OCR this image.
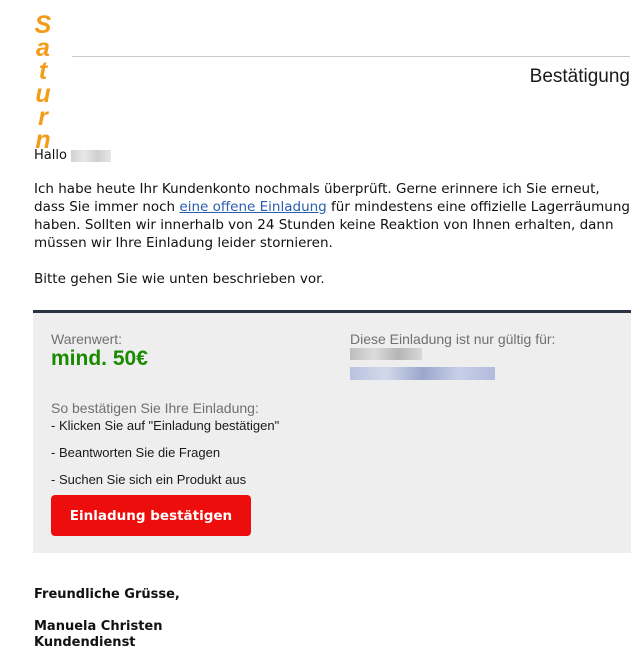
S
a
t
u
r
n
Bestätigung
Hallo

Ich habe heute Ihr Kundenkonto nochmals überprüft. Gerne erinnere ich Sie erneut, dass Sie immer noch eine offene Einladung für mindestens eine offizielle Lagerräumung haben. Sollten wir innerhalb von 24 Stunden keine Reaktion von Ihnen erhalten, dann müssen wir Ihre Einladung leider stornieren.

Bitte gehen Sie wie unten beschrieben vor.

Warenwert:
mind. 50€
Diese Einladung ist nur gültig für:
So bestätigen Sie Ihre Einladung:
- Klicken Sie auf "Einladung bestätigen"
- Beantworten Sie die Fragen
- Suchen Sie sich ein Produkt aus
Einladung bestätigen
Freundliche Grüsse,
Manuela Christen
Kundendienst
